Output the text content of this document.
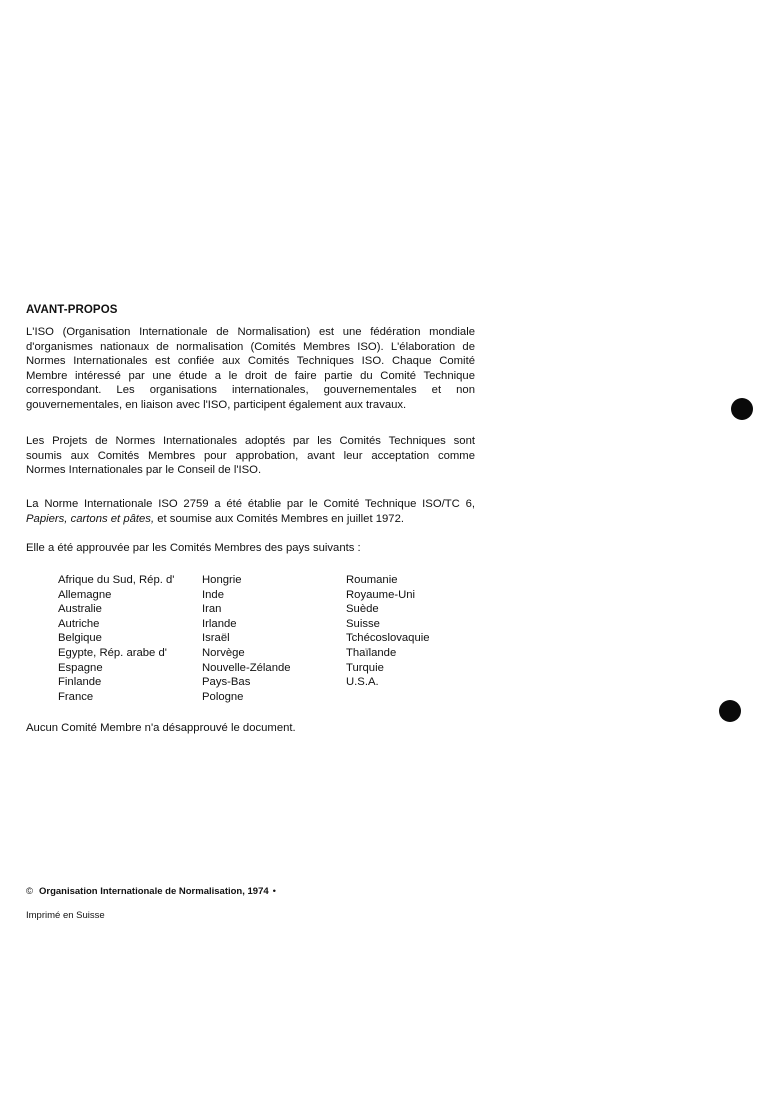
AVANT-PROPOS
L'ISO (Organisation Internationale de Normalisation) est une fédération mondiale
d'organismes nationaux de normalisation (Comités Membres ISO). L'élaboration de
Normes Internationales est confiée aux Comités Techniques ISO. Chaque Comité
Membre intéressé par une étude a le droit de faire partie du Comité Technique
correspondant. Les organisations internationales, gouvernementales et non
gouvernementales, en liaison avec l'ISO, participent également aux travaux.
Les Projets de Normes Internationales adoptés par les Comités Techniques sont
soumis aux Comités Membres pour approbation, avant leur acceptation comme
Normes Internationales par le Conseil de l'ISO.
La Norme Internationale ISO 2759 a été établie par le Comité Technique ISO/TC 6,
Papiers, cartons et pâtes, et soumise aux Comités Membres en juillet 1972.
Elle a été approuvée par les Comités Membres des pays suivants :
Afrique du Sud, Rép. d'
Allemagne
Australie
Autriche
Belgique
Egypte, Rép. arabe d'
Espagne
Finlande
France
Hongrie
Inde
Iran
Irlande
Israël
Norvège
Nouvelle-Zélande
Pays-Bas
Pologne
Roumanie
Royaume-Uni
Suède
Suisse
Tchécoslovaquie
Thaïlande
Turquie
U.S.A.
Aucun Comité Membre n'a désapprouvé le document.
© Organisation Internationale de Normalisation, 1974 •
Imprimé en Suisse
